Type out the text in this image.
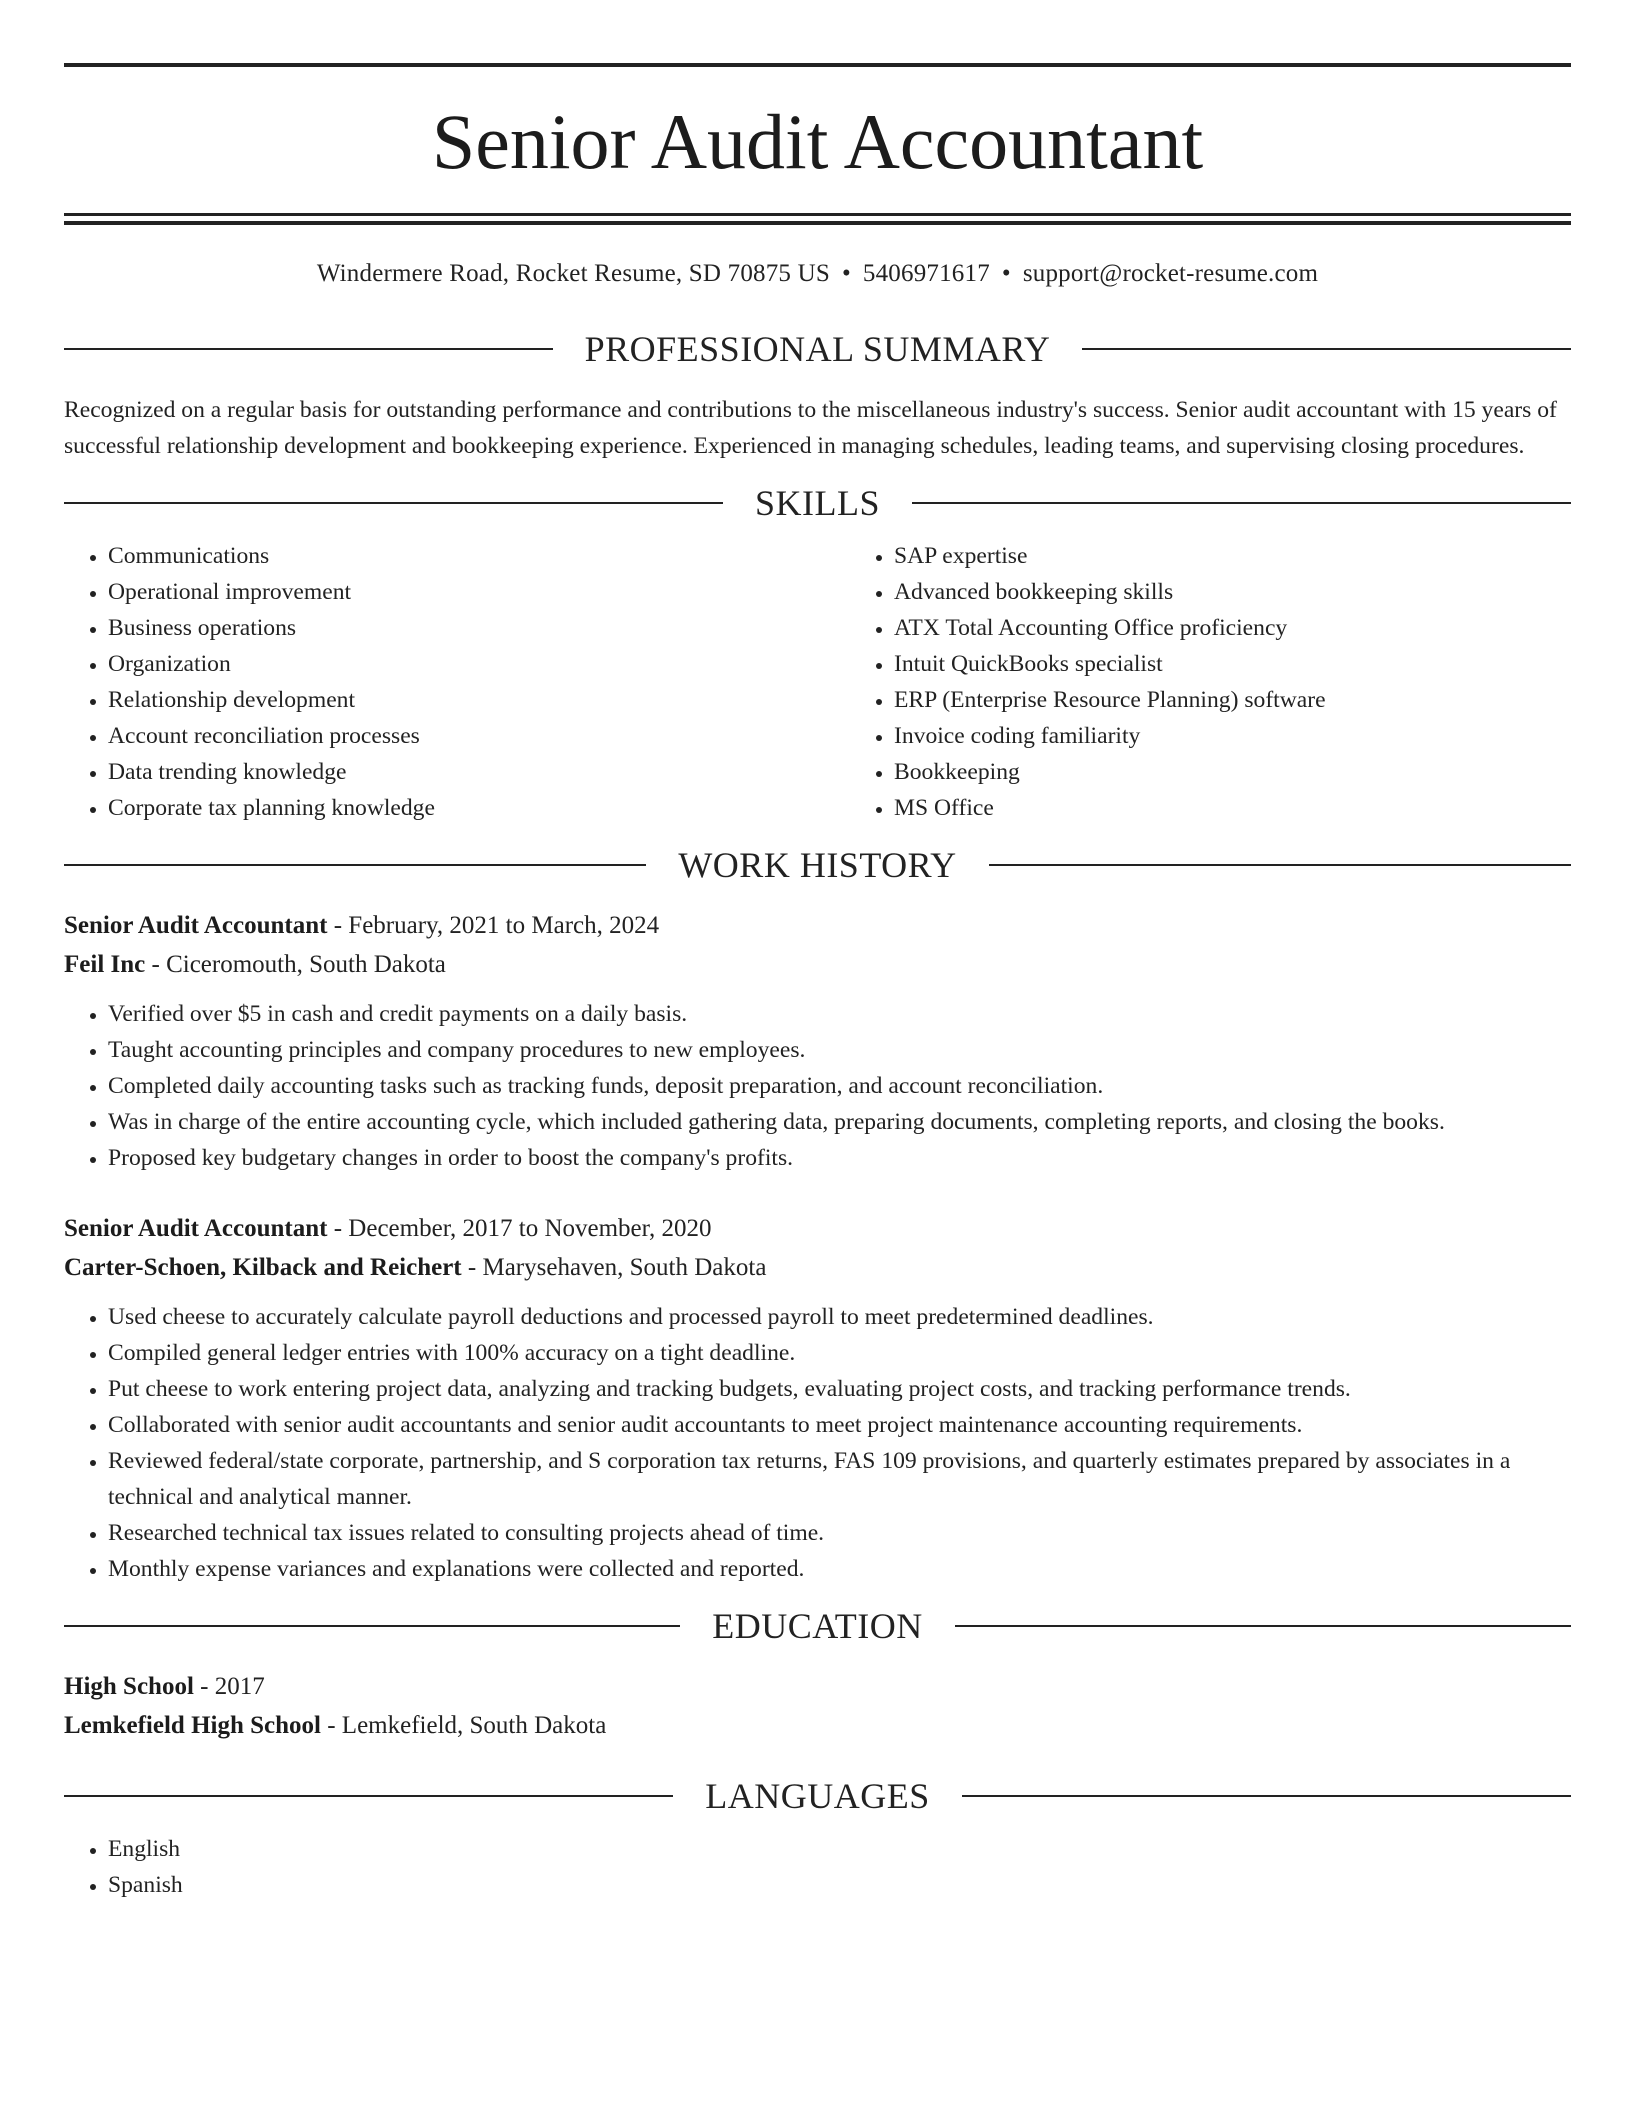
Senior Audit Accountant
Windermere Road, Rocket Resume, SD 70875 US • 5406971617 • support@rocket-resume.com
PROFESSIONAL SUMMARY

Recognized on a regular basis for outstanding performance and contributions to the miscellaneous industry's success. Senior audit accountant with 15 years of successful relationship development and bookkeeping experience. Experienced in managing schedules, leading teams, and supervising closing procedures.

SKILLS
• Communications
• Operational improvement
• Business operations
• Organization
• Relationship development
• Account reconciliation processes
• Data trending knowledge
• Corporate tax planning knowledge
• SAP expertise
• Advanced bookkeeping skills
• ATX Total Accounting Office proficiency
• Intuit QuickBooks specialist
• ERP (Enterprise Resource Planning) software
• Invoice coding familiarity
• Bookkeeping
• MS Office
WORK HISTORY
Senior Audit Accountant - February, 2021 to March, 2024
Feil Inc - Ciceromouth, South Dakota
• Verified over $5 in cash and credit payments on a daily basis.
• Taught accounting principles and company procedures to new employees.
• Completed daily accounting tasks such as tracking funds, deposit preparation, and account reconciliation.
• Was in charge of the entire accounting cycle, which included gathering data, preparing documents, completing reports, and closing the books.
• Proposed key budgetary changes in order to boost the company's profits.
Senior Audit Accountant - December, 2017 to November, 2020
Carter-Schoen, Kilback and Reichert - Marysehaven, South Dakota
• Used cheese to accurately calculate payroll deductions and processed payroll to meet predetermined deadlines.
• Compiled general ledger entries with 100% accuracy on a tight deadline.
• Put cheese to work entering project data, analyzing and tracking budgets, evaluating project costs, and tracking performance trends.
• Collaborated with senior audit accountants and senior audit accountants to meet project maintenance accounting requirements.
• Reviewed federal/state corporate, partnership, and S corporation tax returns, FAS 109 provisions, and quarterly estimates prepared by associates in a technical and analytical manner.
• Researched technical tax issues related to consulting projects ahead of time.
• Monthly expense variances and explanations were collected and reported.
EDUCATION
High School - 2017
Lemkefield High School - Lemkefield, South Dakota
LANGUAGES
• English
• Spanish
